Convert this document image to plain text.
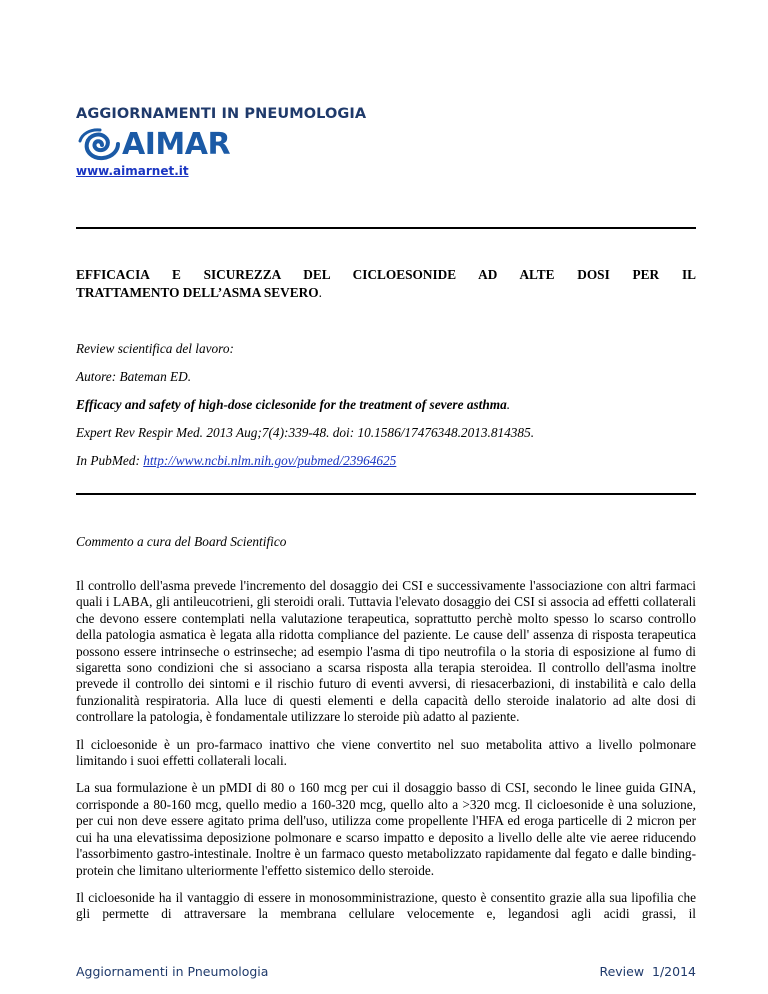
AGGIORNAMENTI IN PNEUMOLOGIA
AIMAR
www.aimarnet.it
EFFICACIA E SICUREZZA DEL CICLOESONIDE AD ALTE DOSI PER IL
TRATTAMENTO DELL’ASMA SEVERO.

Review scientifica del lavoro:

Autore: Bateman ED.

Efficacy and safety of high-dose ciclesonide for the treatment of severe asthma.

Expert Rev Respir Med. 2013 Aug;7(4):339-48. doi: 10.1586/17476348.2013.814385.

In PubMed: http://www.ncbi.nlm.nih.gov/pubmed/23964625

Commento a cura del Board Scientifico

Il controllo dell'asma prevede l'incremento del dosaggio dei CSI e successivamente l'associazione con altri farmaci quali i LABA, gli antileucotrieni, gli steroidi orali. Tuttavia l'elevato dosaggio dei CSI si associa ad effetti collaterali che devono essere contemplati nella valutazione terapeutica, soprattutto perchè molto spesso lo scarso controllo della patologia asmatica è legata alla ridotta compliance del paziente. Le cause dell' assenza di risposta terapeutica possono essere intrinseche o estrinseche; ad esempio l'asma di tipo neutrofila o la storia di esposizione al fumo di sigaretta sono condizioni che si associano a scarsa risposta alla terapia steroidea. Il controllo dell'asma inoltre prevede il controllo dei sintomi e il rischio futuro di eventi avversi, di riesacerbazioni, di instabilità e calo della funzionalità respiratoria. Alla luce di questi elementi e della capacità dello steroide inalatorio ad alte dosi di controllare la patologia, è fondamentale utilizzare lo steroide più adatto al paziente.

Il cicloesonide è un pro-farmaco inattivo che viene convertito nel suo metabolita attivo a livello polmonare limitando i suoi effetti collaterali locali.

La sua formulazione è un pMDI di 80 o 160 mcg per cui il dosaggio basso di CSI, secondo le linee guida GINA, corrisponde a 80-160 mcg, quello medio a 160-320 mcg, quello alto a >320 mcg. Il cicloesonide è una soluzione, per cui non deve essere agitato prima dell'uso, utilizza come propellente l'HFA ed eroga particelle di 2 micron per cui ha una elevatissima deposizione polmonare e scarso impatto e deposito a livello delle alte vie aeree riducendo l'assorbimento gastro-intestinale. Inoltre è un farmaco questo metabolizzato rapidamente dal fegato e dalle binding-protein che limitano ulteriormente l'effetto sistemico dello steroide.

Il cicloesonide ha il vantaggio di essere in monosomministrazione, questo è consentito grazie alla sua lipofilia che gli permette di attraversare la membrana cellulare velocemente e, legandosi agli acidi grassi, il

Aggiornamenti in Pneumologia	Review  1/2014
